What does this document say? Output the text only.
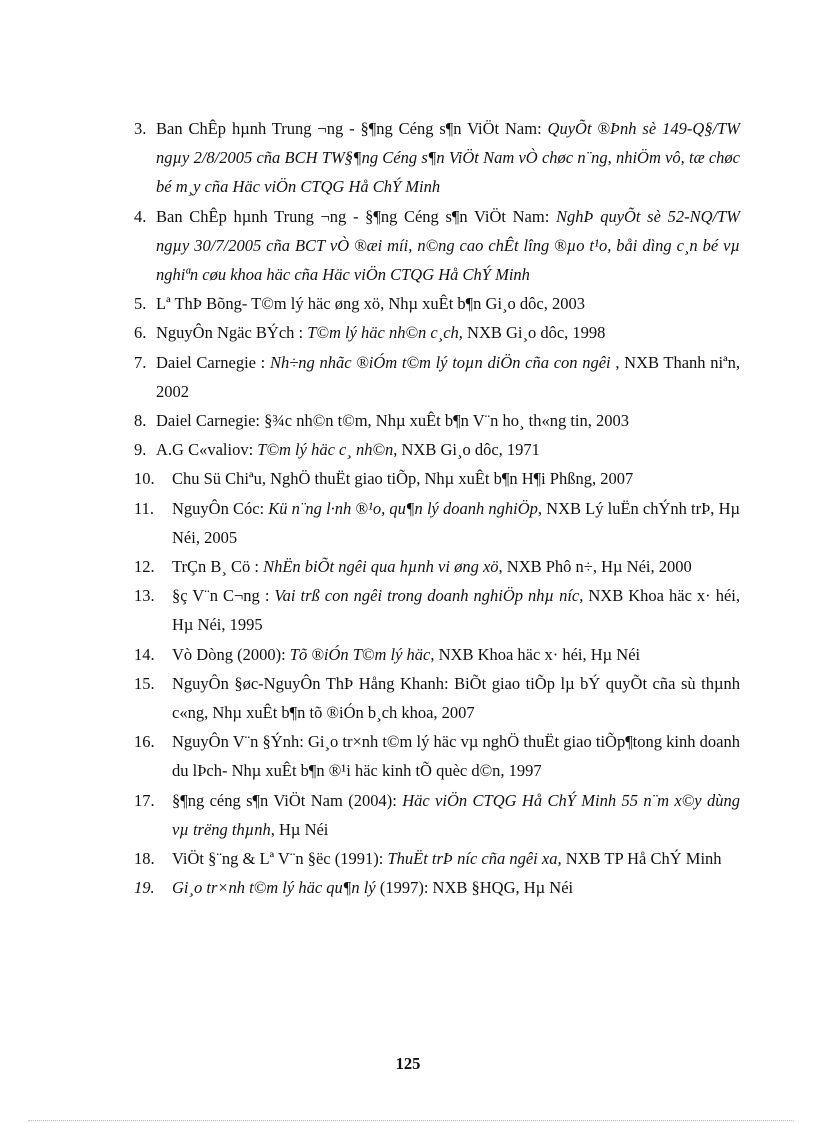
3. Ban ChÊp hµnh Trung ¬ng - §¶ng Céng s¶n ViÖt Nam: QuyÕt ®Þnh sè 149-Q§/TW ngµy 2/8/2005 cña BCH TW§¶ng Céng s¶n ViÖt Nam vÒ chøc n¨ng, nhiÖm vô, tæ chøc bé m¸y cña Häc viÖn CTQG Hå ChÝ Minh
4. Ban ChÊp hµnh Trung ¬ng - §¶ng Céng s¶n ViÖt Nam: NghÞ quyÕt sè 52-NQ/TW ngµy 30/7/2005 cña BCT vÒ ®æi míi, n©ng cao chÊt lîng ®µo t¹o, båi dìng c¸n bé vµ nghiªn cøu khoa häc cña Häc viÖn CTQG Hå ChÝ Minh
5. Lª ThÞ Bõng- T©m lý häc øng xö, Nhµ xuÊt b¶n Gi¸o dôc, 2003
6. NguyÔn Ngäc BÝch : T©m lý häc nh©n c¸ch, NXB Gi¸o dôc, 1998
7. Daiel Carnegie : Nh÷ng nhãc ®iÓm t©m lý toµn diÖn cña con ngêi , NXB Thanh niªn, 2002
8. Daiel Carnegie: §¾c nh©n t©m, Nhµ xuÊt b¶n V¨n ho¸ th«ng tin, 2003
9. A.G C«valiov: T©m lý häc c¸ nh©n, NXB Gi¸o dôc, 1971
10.	Chu Sü Chiªu, NghÖ thuËt giao tiÕp, Nhµ xuÊt b¶n H¶i Phßng, 2007
11.	NguyÔn Cóc: Kü n¨ng l·nh ®¹o, qu¶n lý doanh nghiÖp, NXB Lý luËn chÝnh trÞ, Hµ Néi, 2005
12.	TrÇn B¸ Cö : NhËn biÕt ngêi qua hµnh vi øng xö, NXB Phô n÷, Hµ Néi, 2000
13.	§ç V¨n C¬ng : Vai trß con ngêi trong doanh nghiÖp nhµ níc, NXB Khoa häc x· héi, Hµ Néi, 1995
14.	Vò Dòng (2000): Tõ ®iÓn T©m lý häc, NXB Khoa häc x· héi, Hµ Néi
15.	NguyÔn §øc-NguyÔn ThÞ Hång Khanh: BiÕt giao tiÕp lµ bÝ quyÕt cña sù thµnh c«ng, Nhµ xuÊt b¶n tõ ®iÓn b¸ch khoa, 2007
16.	NguyÔn V¨n §Ýnh: Gi¸o tr×nh t©m lý häc vµ nghÖ thuËt giao tiÕp¶tong kinh doanh du lÞch- Nhµ xuÊt b¶n ®¹i häc kinh tÕ quèc d©n, 1997
17.	§¶ng céng s¶n ViÖt Nam (2004): Häc viÖn CTQG Hå ChÝ Minh 55 n¨m x©y dùng vµ trëng thµnh, Hµ Néi
18.	ViÖt §¨ng & Lª V¨n §ëc (1991): ThuËt trÞ níc cña ngêi xa, NXB TP Hå ChÝ Minh
19.	Gi¸o tr×nh t©m lý häc qu¶n lý (1997): NXB §HQG, Hµ Néi
125
